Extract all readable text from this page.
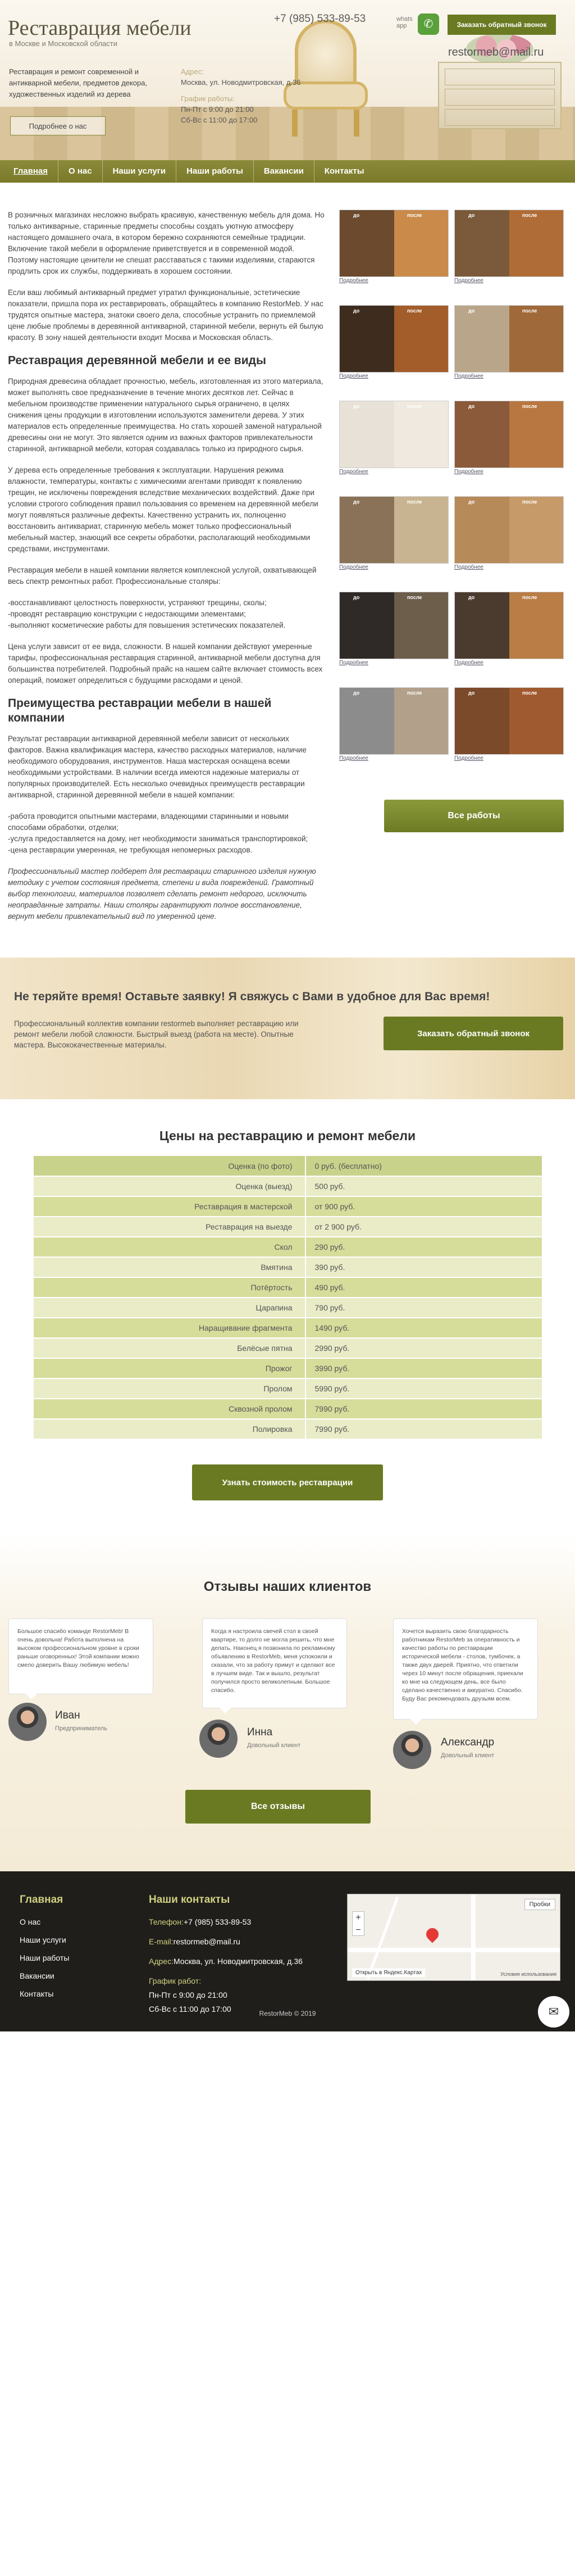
Реставрация мебели
в Москве и Московской области
Реставрация и ремонт современной и антикварной мебели, предметов декора, художественных изделий из дерева
Подробнее о нас
Адрес:
Москва, ул. Новодмитровская, д.36
График работы:
Пн-Пт с 9:00 до 21:00
Сб-Вс с 11:00 до 17:00
+7 (985) 533-89-53	whats app	✆	Заказать обратный звонок
restormeb@mail.ru
Главная	О нас	Наши услуги	Наши работы	Вакансии	Контакты

В розничных магазинах несложно выбрать красивую, качественную мебель для дома. Но только антикварные, старинные предметы способны создать уютную атмосферу настоящего домашнего очага, в котором бережно сохраняются семейные традиции. Включение такой мебели в оформление приветствуется и в современной модой. Поэтому настоящие ценители не спешат расставаться с такими изделиями, стараются продлить срок их службы, поддерживать в хорошем состоянии.

Если ваш любимый антикварный предмет утратил функциональные, эстетические показатели, пришла пора их реставрировать, обращайтесь в компанию RestorMeb. У нас трудятся опытные мастера, знатоки своего дела, способные устранить по приемлемой цене любые проблемы в деревянной антикварной, старинной мебели, вернуть ей былую красоту. В зону нашей деятельности входит Москва и Московская область.

Реставрация деревянной мебели и ее виды

Природная древесина обладает прочностью, мебель, изготовленная из этого материала, может выполнять свое предназначение в течение многих десятков лет. Сейчас в мебельном производстве применении натурального сырья ограничено, в целях снижения цены продукции в изготовлении используются заменители дерева. У этих материалов есть определенные преимущества. Но стать хорошей заменой натуральной древесины они не могут. Это является одним из важных факторов привлекательности старинной, антикварной мебели, которая создавалась только из природного сырья.

У дерева есть определенные требования к эксплуатации. Нарушения режима влажности, температуры, контакты с химическими агентами приводят к появлению трещин, не исключены повреждения вследствие механических воздействий. Даже при условии строгого соблюдения правил пользования со временем на деревянной мебели могут появляться различные дефекты. Качественно устранить их, полноценно восстановить антиквариат, старинную мебель может только профессиональный мебельный мастер, знающий все секреты обработки, располагающий необходимыми средствами, инструментами.

Реставрация мебели в нашей компании является комплексной услугой, охватывающей весь спектр ремонтных работ. Профессиональные столяры:

-восстанавливают целостность поверхности, устраняют трещины, сколы;
-проводят реставрацию конструкции с недостающими элементами;
-выполняют косметические работы для повышения эстетических показателей.

Цена услуги зависит от ее вида, сложности. В нашей компании действуют умеренные тарифы, профессиональная реставрация старинной, антикварной мебели доступна для большинства потребителей. Подробный прайс на нашем сайте включает стоимость всех операций, поможет определиться с будущими расходами и ценой.

Преимущества реставрации мебели в нашей компании

Результат реставрации антикварной деревянной мебели зависит от нескольких факторов. Важна квалификация мастера, качество расходных материалов, наличие необходимого оборудования, инструментов. Наша мастерская оснащена всеми необходимыми устройствами. В наличии всегда имеются надежные материалы от популярных производителей. Есть несколько очевидных преимуществ реставрации антикварной, старинной деревянной мебели в нашей компании:

-работа проводится опытными мастерами, владеющими старинными и новыми способами обработки, отделки;
-услуга предоставляется на дому, нет необходимости заниматься транспортировкой;
-цена реставрации умеренная, не требующая непомерных расходов.

Профессиональный мастер подберет для реставрации старинного изделия нужную методику с учетом состояния предмета, степени и вида повреждений. Грамотный выбор технологии, материалов позволяет сделать ремонт недорого, исключить неоправданные затраты. Наши столяры гарантируют полное восстановление, вернут мебели привлекательный вид по умеренной цене.

до	после
Подробнее
до	после
Подробнее
до	после
Подробнее
до	после
Подробнее
до	после
Подробнее
до	после
Подробнее
до	после
Подробнее
до	после
Подробнее
до	после
Подробнее
до	после
Подробнее
до	после
Подробнее
до	после
Подробнее
Все работы
Не теряйте время! Оставьте заявку! Я свяжусь с Вами в удобное для Вас время!

Профессиональный коллектив компании restormeb выполняет реставрацию или ремонт мебели любой сложности. Быстрый выезд (работа на месте). Опытные мастера. Высококачественные материалы.

Заказать обратный звонок
Цены на реставрацию и ремонт мебели
Оценка (по фото)	0 руб. (бесплатно)
Оценка (выезд)	500 руб.
Реставрация в мастерской	от 900 руб.
Реставрация на выезде	от 2 900 руб.
Скол	290 руб.
Вмятина	390 руб.
Потёртость	490 руб.
Царапина	790 руб.
Наращивание фрагмента	1490 руб.
Белёсые пятна	2990 руб.
Прожог	3990 руб.
Пролом	5990 руб.
Сквозной пролом	7990 руб.
Полировка	7990 руб.
Узнать стоимость реставрации
Отзывы наших клиентов
Большое спасибо команде RestorMeb! В очень довольна! Работа выполнена на высоком профессиональном уровне в сроки раньше оговоренных! Этой компании можно смело доверить Вашу любимую мебель!
Иван
Предприниматель
Когда я настроила свечей стол в своей квартире, то долго не могла решить, что мне делать. Наконец я позвонила по рекламному объявлению в RestorMeb, меня успокоили и сказали, что за работу примут и сделают все в лучшем виде. Так и вышло, результат получился просто великолепным. Большое спасибо.
Инна
Довольный клиент
Хочется выразить свою благодарность работникам RestorMeb за оперативность и качество работы по реставрации исторической мебели - столов, тумбочек, а также двух дверей. Приятно, что ответили через 10 минут после обращения, приехали ко мне на следующем день, все было сделано качественно и аккуратно. Спасибо. Буду Вас рекомендовать друзьям всем.
Александр
Довольный клиент
Все отзывы
Главная
О нас
Наши услуги
Наши работы
Вакансии
Контакты
Наши контакты
Телефон:+7 (985) 533-89-53
E-mail:restormeb@mail.ru
Адрес:Москва, ул. Новодмитровская, д.36
График работ:
Пн-Пт с 9:00 до 21:00
Сб-Вс с 11:00 до 17:00
+
−
Пробки
Открыть в Яндекс.Картах	Условия использования
RestorMeb © 2019	✉
